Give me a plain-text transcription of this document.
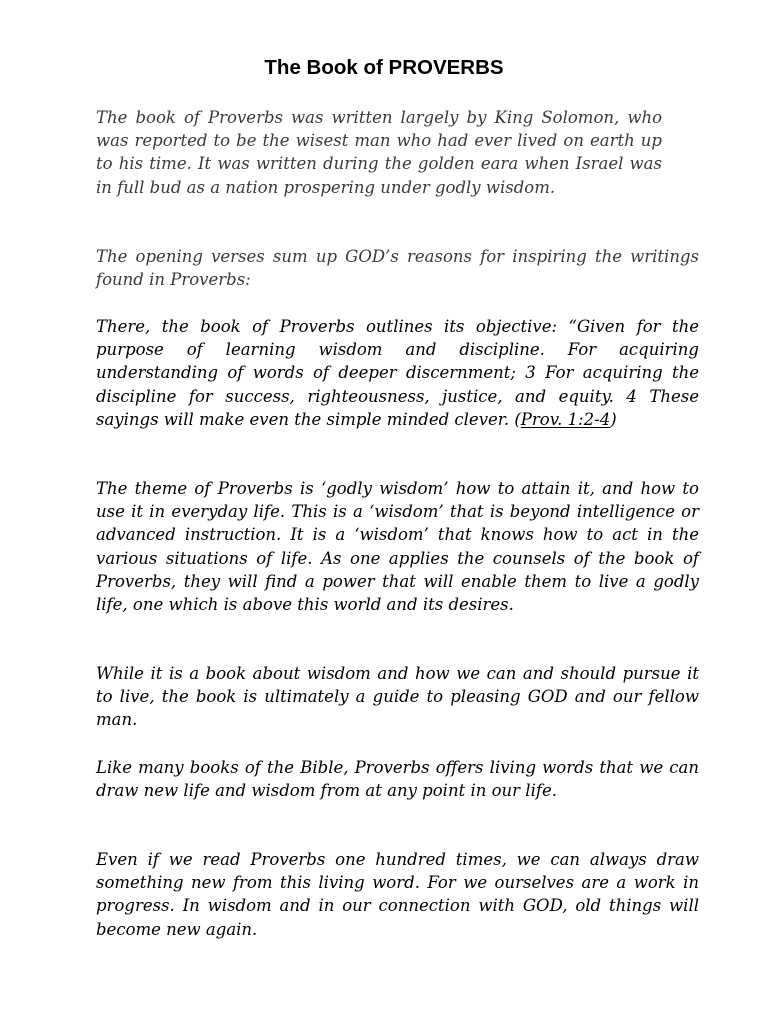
The Book of PROVERBS

The book of Proverbs was written largely by King Solomon, who was reported to be the wisest man who had ever lived on earth up to his time. It was written during the golden eara when Israel was in full bud as a nation prospering under godly wisdom.

The opening verses sum up GOD’s reasons for inspiring the writings found in Proverbs:

There, the book of Proverbs outlines its objective: “Given for the purpose of learning wisdom and discipline. For acquiring understanding of words of deeper discernment; 3 For acquiring the discipline for success, righteousness, justice, and equity. 4 These sayings will make even the simple minded clever. (Prov. 1:2-4)

The theme of Proverbs is ‘godly wisdom’ how to attain it, and how to use it in everyday life. This is a ‘wisdom’ that is beyond intelligence or advanced instruction. It is a ‘wisdom’ that knows how to act in the various situations of life. As one applies the counsels of the book of Proverbs, they will find a power that will enable them to live a godly life, one which is above this world and its desires.

While it is a book about wisdom and how we can and should pursue it to live, the book is ultimately a guide to pleasing GOD and our fellow man.

Like many books of the Bible, Proverbs offers living words that we can draw new life and wisdom from at any point in our life.

Even if we read Proverbs one hundred times, we can always draw something new from this living word. For we ourselves are a work in progress. In wisdom and in our connection with GOD, old things will become new again.
